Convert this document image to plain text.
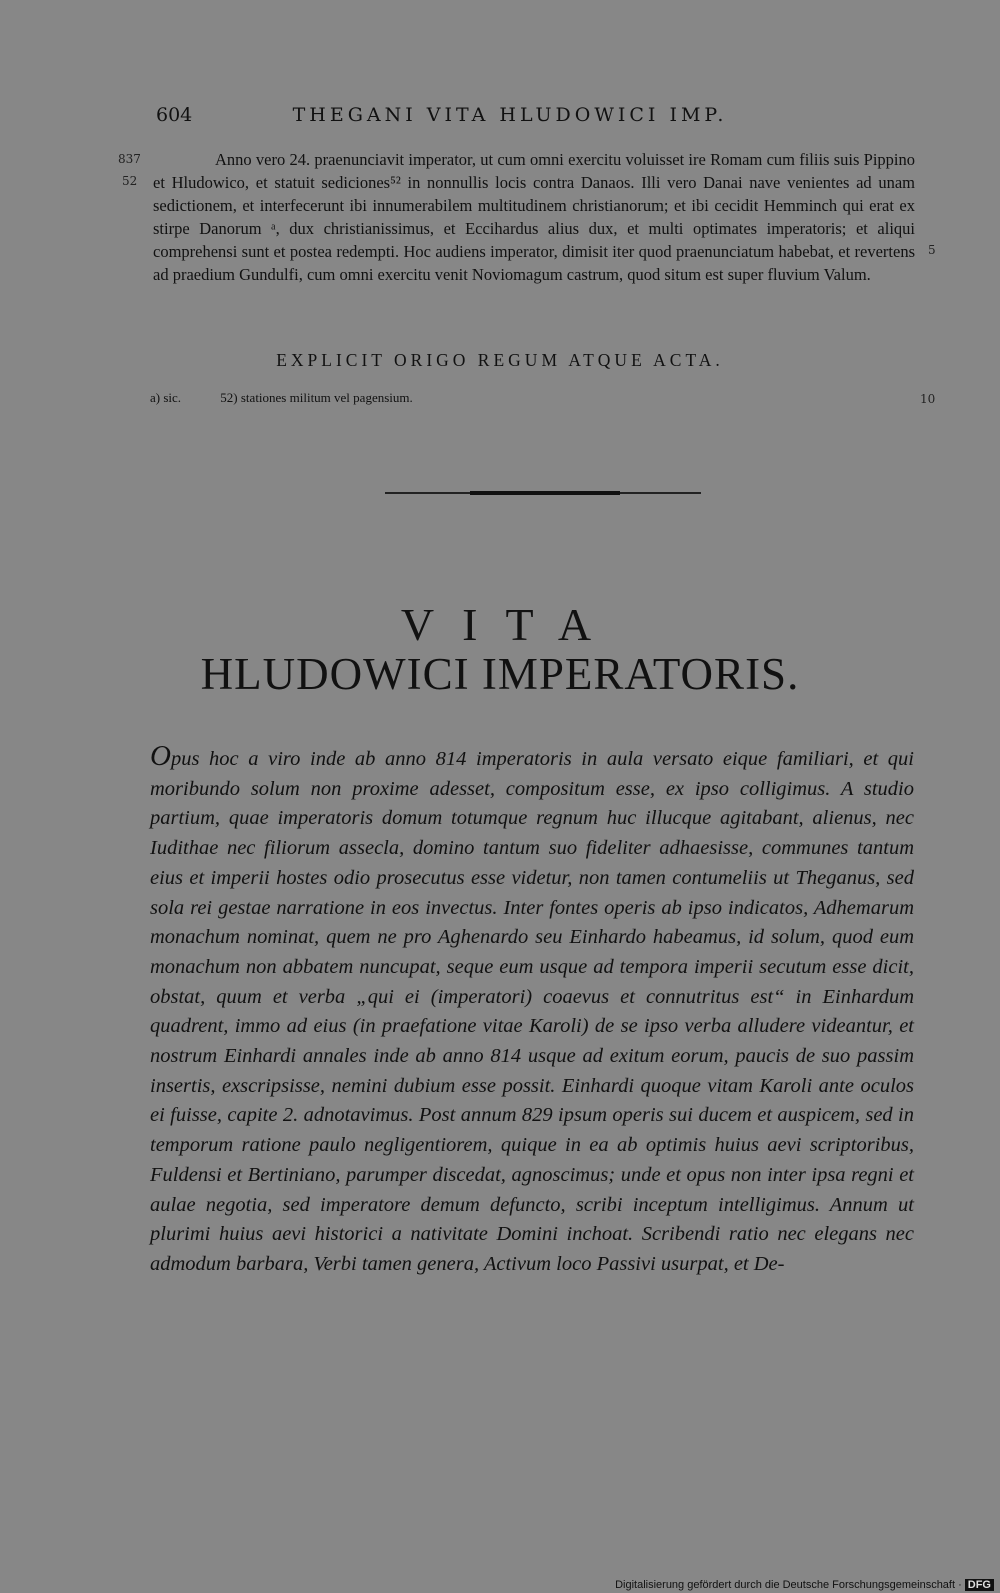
604	THEGANI VITA HLUDOWICI IMP.
837
52
5
10

Anno vero 24. praenunciavit imperator, ut cum omni exercitu voluisset ire Romam cum filiis suis Pippino et Hludowico, et statuit sediciones⁵² in nonnullis locis contra Danaos. Illi vero Danai nave venientes ad unam sedictionem, et interfecerunt ibi innumerabilem multitudinem christianorum; et ibi cecidit Hemminch qui erat ex stirpe Danorum ᵃ, dux christianissimus, et Eccihardus alius dux, et multi optimates imperatoris; et aliqui comprehensi sunt et postea redempti. Hoc audiens imperator, dimisit iter quod praenunciatum habebat, et revertens ad praedium Gundulfi, cum omni exercitu venit Noviomagum castrum, quod situm est super fluvium Valum.

EXPLICIT ORIGO REGUM ATQUE ACTA.
a) sic.	52) stationes militum vel pagensium.
VITA
HLUDOWICI IMPERATORIS.

Opus hoc a viro inde ab anno 814 imperatoris in aula versato eique familiari, et qui moribundo solum non proxime adesset, compositum esse, ex ipso colligimus. A studio partium, quae imperatoris domum totumque regnum huc illucque agitabant, alienus, nec Iudithae nec filiorum assecla, domino tantum suo fideliter adhaesisse, communes tantum eius et imperii hostes odio prosecutus esse videtur, non tamen contumeliis ut Theganus, sed sola rei gestae narratione in eos invectus. Inter fontes operis ab ipso indicatos, Adhemarum monachum nominat, quem ne pro Aghenardo seu Einhardo habeamus, id solum, quod eum monachum non abbatem nuncupat, seque eum usque ad tempora imperii secutum esse dicit, obstat, quum et verba „qui ei (imperatori) coaevus et connutritus est“ in Einhardum quadrent, immo ad eius (in praefatione vitae Karoli) de se ipso verba alludere videantur, et nostrum Einhardi annales inde ab anno 814 usque ad exitum eorum, paucis de suo passim insertis, exscripsisse, nemini dubium esse possit. Einhardi quoque vitam Karoli ante oculos ei fuisse, capite 2. adnotavimus. Post annum 829 ipsum operis sui ducem et auspicem, sed in temporum ratione paulo negligentiorem, quique in ea ab optimis huius aevi scriptoribus, Fuldensi et Bertiniano, parumper discedat, agnoscimus; unde et opus non inter ipsa regni et aulae negotia, sed imperatore demum defuncto, scribi inceptum intelligimus. Annum ut plurimi huius aevi historici a nativitate Domini inchoat. Scribendi ratio nec elegans nec admodum barbara, Verbi tamen genera, Activum loco Passivi usurpat, et De-

Digitalisierung gefördert durch die Deutsche Forschungsgemeinschaft · DFG
